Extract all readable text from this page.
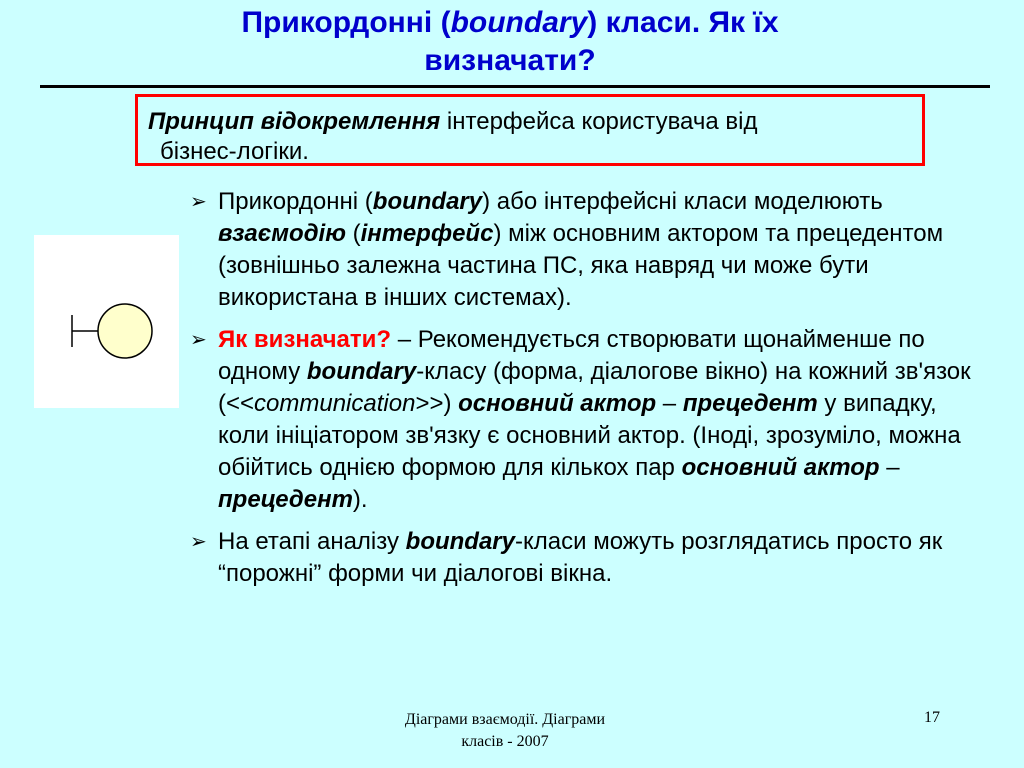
Прикордонні (boundary) класи. Як їх
визначати?
Принцип відокремлення інтерфейса користувача від
бізнес-логіки.
➢ Прикордонні (boundary) або інтерфейсні класи моделюють взаємодію (інтерфейс) між основним актором та прецедентом (зовнішньо залежна частина ПС, яка навряд чи може бути використана в інших системах).
➢ Як визначати? – Рекомендується створювати щонайменше по одному boundary-класу (форма, діалогове вікно) на кожний зв'язок (<<communication>>) основний актор – прецедент у випадку, коли ініціатором зв'язку є основний актор. (Іноді, зрозуміло, можна обійтись однією формою для кількох пар основний актор – прецедент).
➢ На етапі аналізу boundary-класи можуть розглядатись просто як “порожні” форми чи діалогові вікна.
Діаграми взаємодії. Діаграми
класів - 2007
17
